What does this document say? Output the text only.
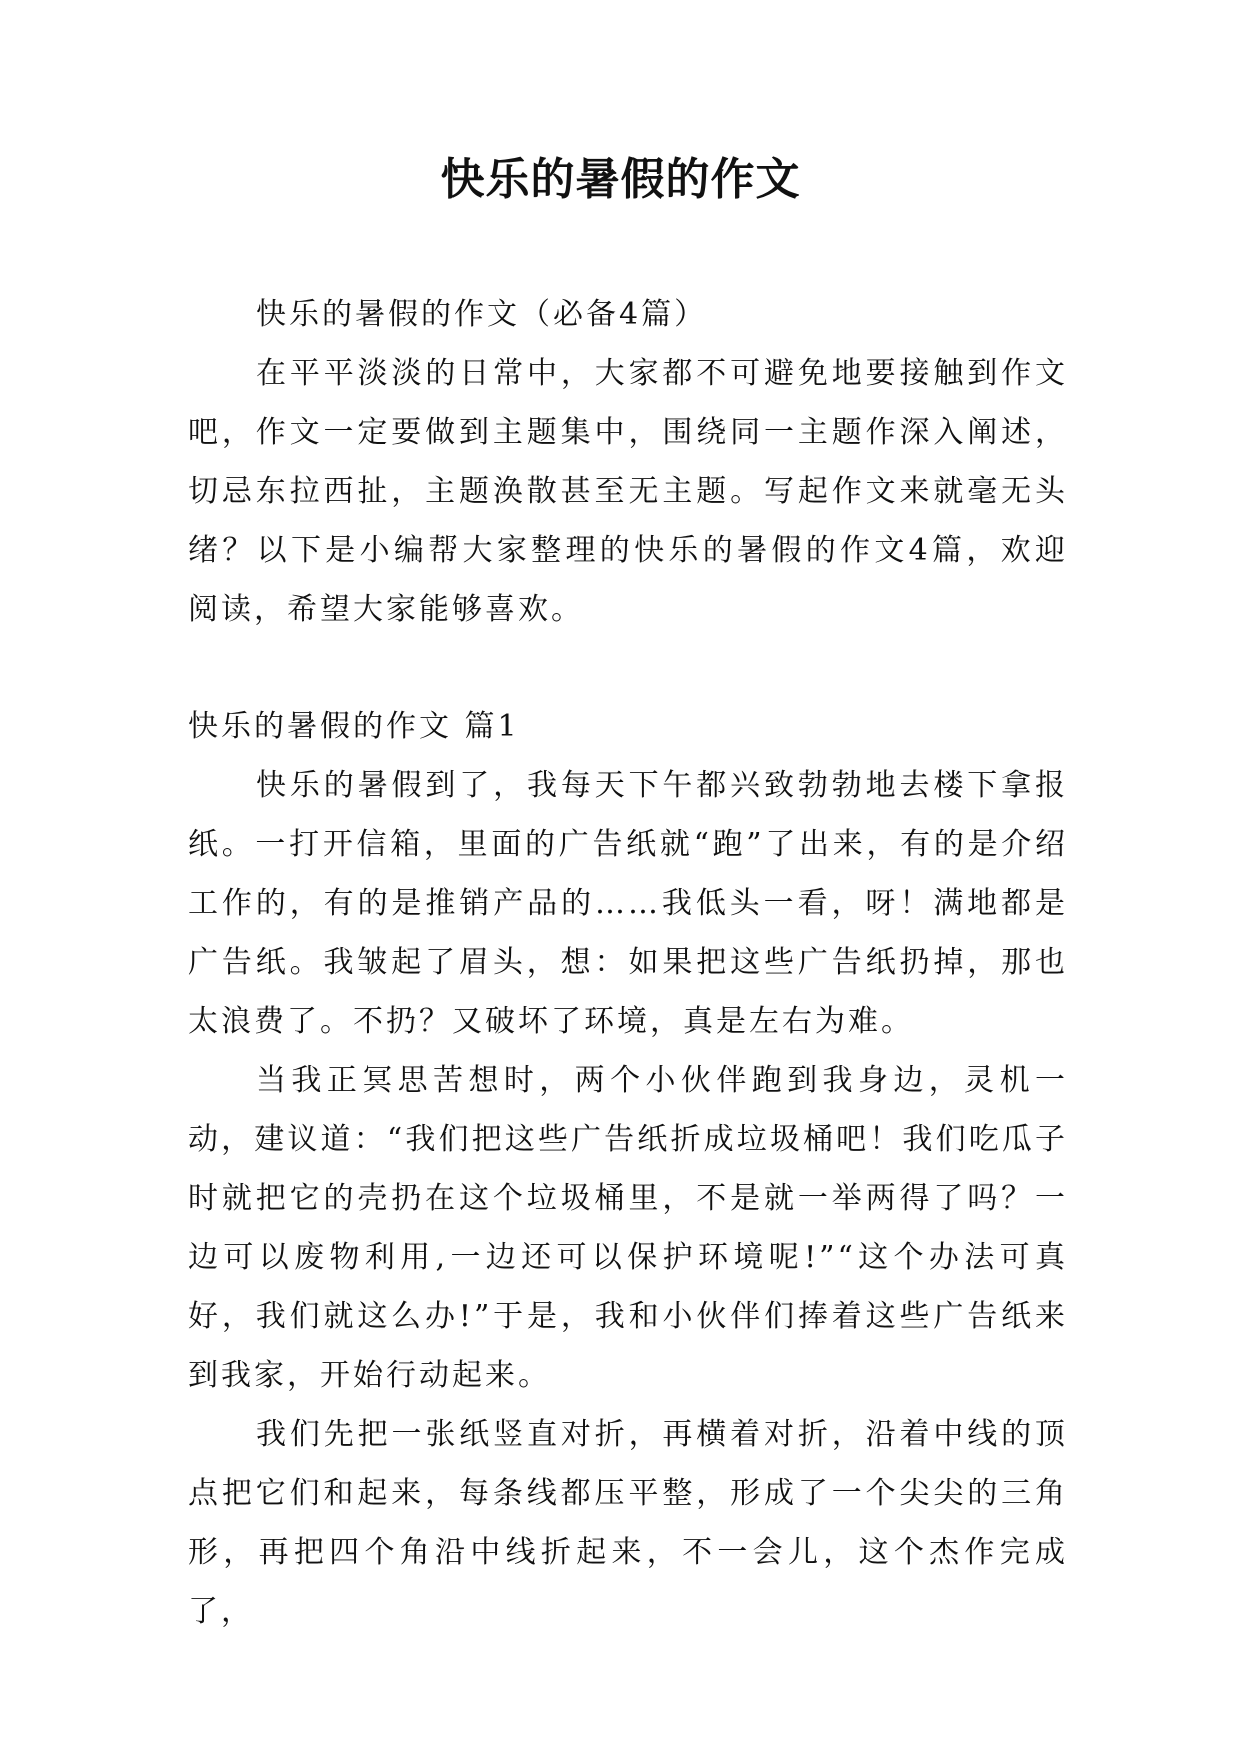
快乐的暑假的作文

快乐的暑假的作文（必备4篇）

在平平淡淡的日常中，大家都不可避免地要接触到作文吧，作文一定要做到主题集中，围绕同一主题作深入阐述，切忌东拉西扯，主题涣散甚至无主题。写起作文来就毫无头绪？以下是小编帮大家整理的快乐的暑假的作文4篇，欢迎阅读，希望大家能够喜欢。

快乐的暑假的作文 篇1

快乐的暑假到了，我每天下午都兴致勃勃地去楼下拿报纸。一打开信箱，里面的广告纸就“跑”了出来，有的是介绍工作的，有的是推销产品的……我低头一看，呀！满地都是广告纸。我皱起了眉头，想：如果把这些广告纸扔掉，那也太浪费了。不扔？又破坏了环境，真是左右为难。

当我正冥思苦想时，两个小伙伴跑到我身边，灵机一动，建议道：“我们把这些广告纸折成垃圾桶吧！我们吃瓜子时就把它的壳扔在这个垃圾桶里，不是就一举两得了吗？一边可以废物利用,一边还可以保护环境呢!”“这个办法可真好，我们就这么办!”于是，我和小伙伴们捧着这些广告纸来到我家，开始行动起来。

我们先把一张纸竖直对折，再横着对折，沿着中线的顶点把它们和起来，每条线都压平整，形成了一个尖尖的三角形，再把四个角沿中线折起来，不一会儿，这个杰作完成了，
